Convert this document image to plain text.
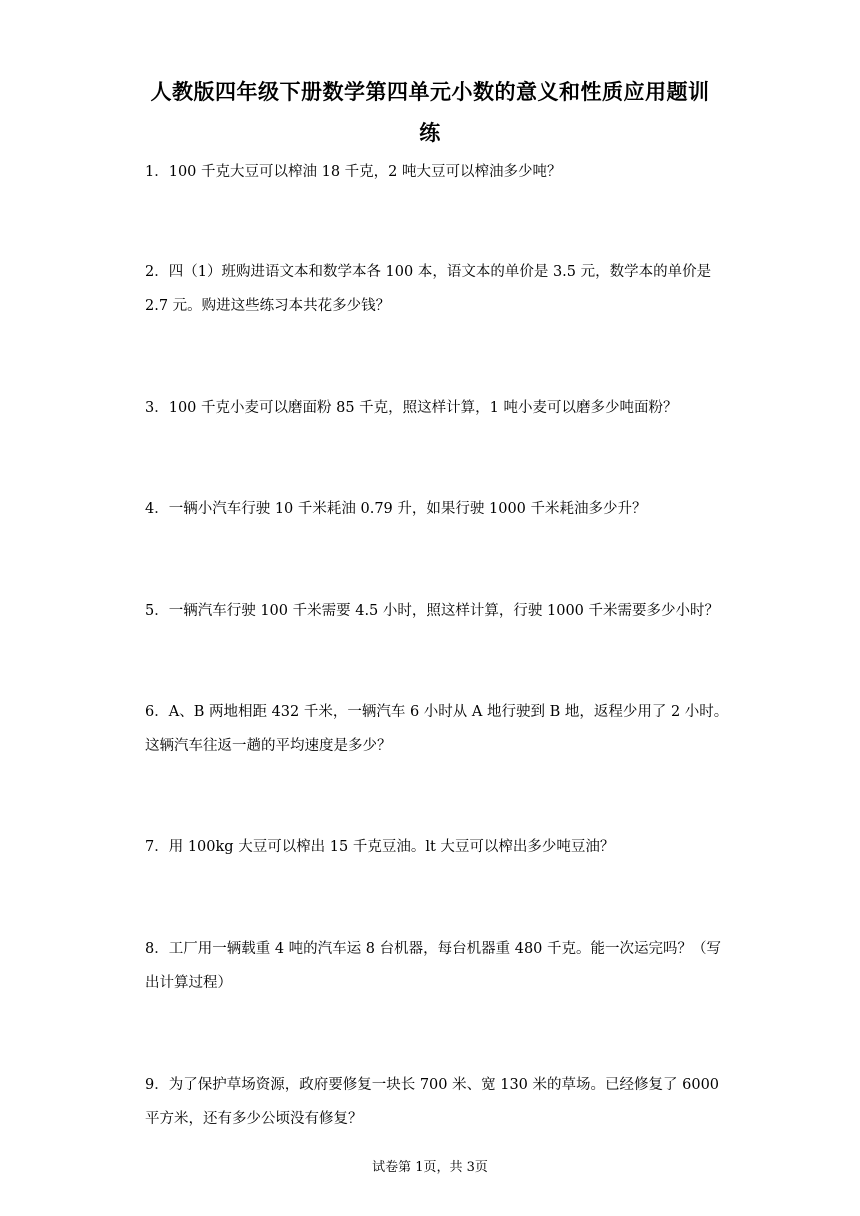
人教版四年级下册数学第四单元小数的意义和性质应用题训
练
1．100 千克大豆可以榨油 18 千克，2 吨大豆可以榨油多少吨？
2．四（1）班购进语文本和数学本各 100 本，语文本的单价是 3.5 元，数学本的单价是
2.7 元。购进这些练习本共花多少钱？
3．100 千克小麦可以磨面粉 85 千克，照这样计算，1 吨小麦可以磨多少吨面粉？
4．一辆小汽车行驶 10 千米耗油 0.79 升，如果行驶 1000 千米耗油多少升？
5．一辆汽车行驶 100 千米需要 4.5 小时，照这样计算，行驶 1000 千米需要多少小时？
6．A、B 两地相距 432 千米，一辆汽车 6 小时从 A 地行驶到 B 地，返程少用了 2 小时。
这辆汽车往返一趟的平均速度是多少？
7．用 100kg 大豆可以榨出 15 千克豆油。lt 大豆可以榨出多少吨豆油？
8．工厂用一辆载重 4 吨的汽车运 8 台机器，每台机器重 480 千克。能一次运完吗？（写
出计算过程）
9．为了保护草场资源，政府要修复一块长 700 米、宽 130 米的草场。已经修复了 6000
平方米，还有多少公顷没有修复？
试卷第 1页，共 3页
